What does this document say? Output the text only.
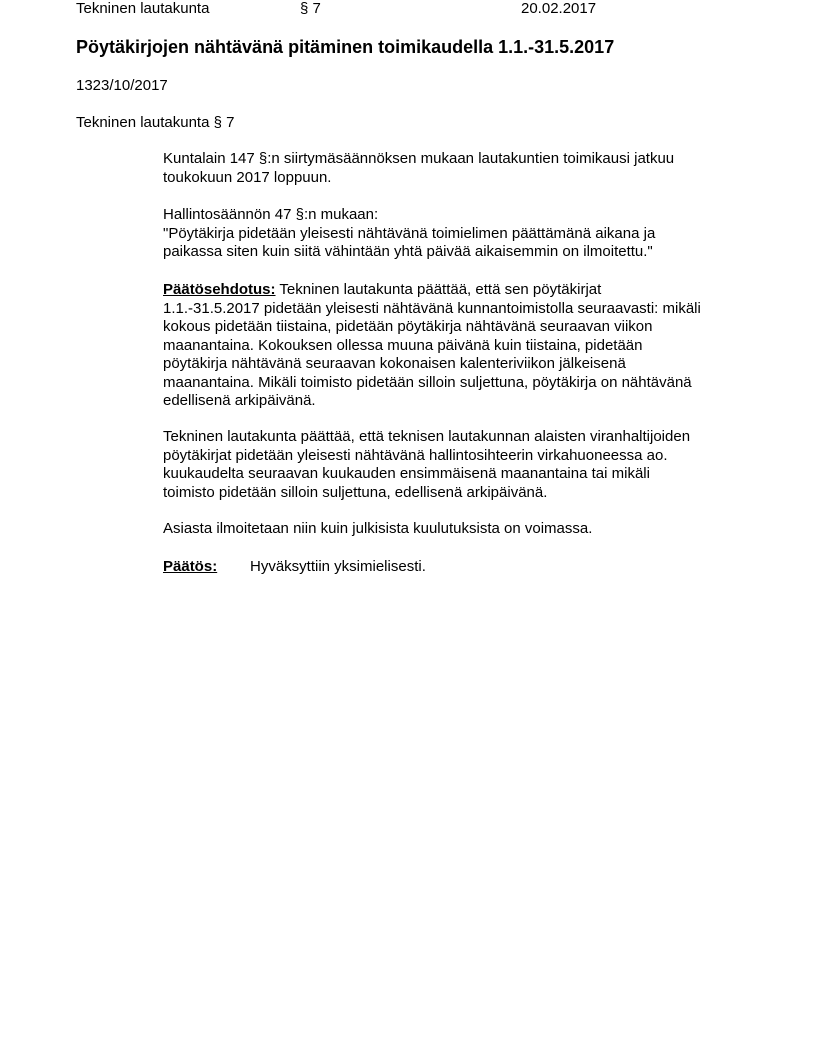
Tekninen lautakunta	§ 7	20.02.2017
Pöytäkirjojen nähtävänä pitäminen toimikaudella 1.1.-31.5.2017
1323/10/2017
Tekninen lautakunta § 7
Kuntalain 147 §:n siirtymäsäännöksen mukaan lautakuntien toimikausi jatkuu
toukokuun 2017 loppuun.
Hallintosäännön 47 §:n mukaan:
"Pöytäkirja pidetään yleisesti nähtävänä toimielimen päättämänä aikana ja
paikassa siten kuin siitä vähintään yhtä päivää aikaisemmin on ilmoitettu."
Päätösehdotus: Tekninen lautakunta päättää, että sen pöytäkirjat
1.1.-31.5.2017 pidetään yleisesti nähtävänä kunnantoimistolla seuraavasti: mikäli
kokous pidetään tiistaina, pidetään pöytäkirja nähtävänä seuraavan viikon
maanantaina. Kokouksen ollessa muuna päivänä kuin tiistaina, pidetään
pöytäkirja nähtävänä seuraavan kokonaisen kalenteriviikon jälkeisenä
maanantaina. Mikäli toimisto pidetään silloin suljettuna, pöytäkirja on nähtävänä
edellisenä arkipäivänä.
Tekninen lautakunta päättää, että teknisen lautakunnan alaisten viranhaltijoiden
pöytäkirjat pidetään yleisesti nähtävänä hallintosihteerin virkahuoneessa ao.
kuukaudelta seuraavan kuukauden ensimmäisenä maanantaina tai mikäli
toimisto pidetään silloin suljettuna, edellisenä arkipäivänä.
Asiasta ilmoitetaan niin kuin julkisista kuulutuksista on voimassa.
Päätös: Hyväksyttiin yksimielisesti.
